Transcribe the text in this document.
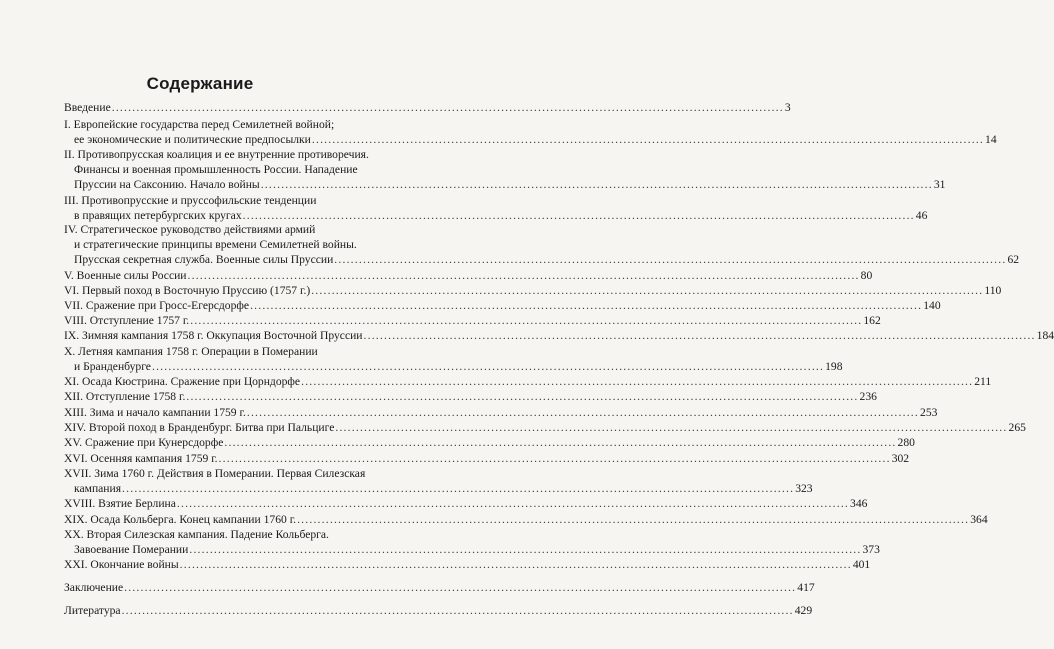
Содержание
Введение .....	3
I. Европейские государства перед Семилетней войной;
ее экономические и политические предпосылки .....	14
II. Противопрусская коалиция и ее внутренние противоречия.
Финансы и военная промышленность России. Нападение
Пруссии на Саксонию. Начало войны .....	31
III. Противопрусские и прусcофильские тенденции
в правящих петербургских кругах .....	46
IV. Стратегическое руководство действиями армий
и стратегические принципы времени Семилетней войны.
Прусская секретная служба. Военные силы Пруссии .....	62
V. Военные силы России .....	80
VI. Первый поход в Восточную Пруссию (1757 г.) .....	110
VII. Сражение при Гросс-Егерсдорфе .....	140
VIII. Отступление 1757 г. .....	162
IX. Зимняя кампания 1758 г. Оккупация Восточной Пруссии .....	184
X. Летняя кампания 1758 г. Операции в Померании
и Бранденбурге .....	198
XI. Осада Кюстрина. Сражение при Цорндорфе .....	211
XII. Отступление 1758 г. .....	236
XIII. Зима и начало кампании 1759 г. .....	253
XIV. Второй поход в Бранденбург. Битва при Пальциге .....	265
XV. Сражение при Кунерсдорфе .....	280
XVI. Осенняя кампания 1759 г. .....	302
XVII. Зима 1760 г. Действия в Померании. Первая Силезская
кампания .....	323
XVIII. Взятие Берлина .....	346
XIX. Осада Кольберга. Конец кампании 1760 г. .....	364
XX. Вторая Силезская кампания. Падение Кольберга.
Завоевание Померании .....	373
XXI. Окончание войны .....	401
Заключение .....	417
Литература .....	429
